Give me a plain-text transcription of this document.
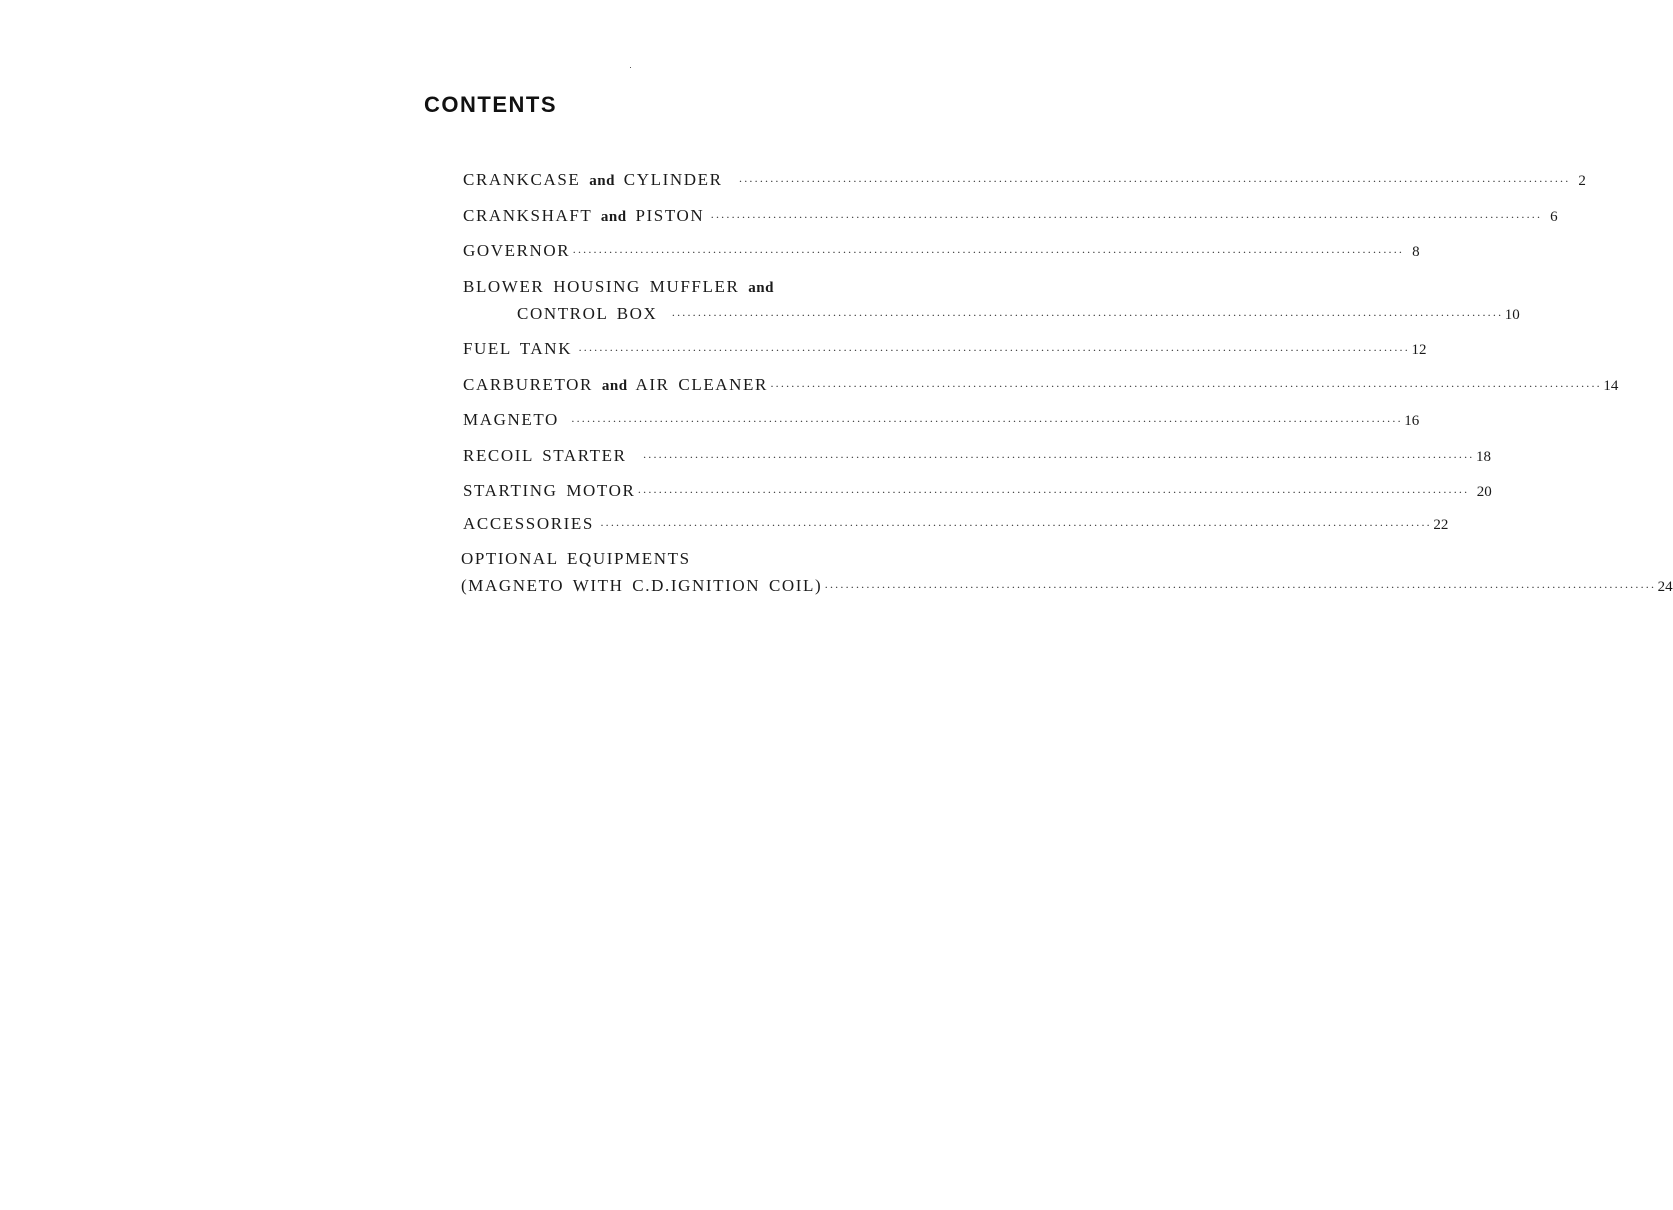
CONTENTS
CRANKCASE and CYLINDER ································································································································································ 2
CRANKSHAFT and PISTON ································································································································································ 6
GOVERNOR ································································································································································ 8
BLOWER HOUSING MUFFLER and
CONTROL BOX ································································································································································ 10
FUEL TANK ································································································································································ 12
CARBURETOR and AIR CLEANER ································································································································································ 14
MAGNETO ································································································································································ 16
RECOIL STARTER ································································································································································ 18
STARTING MOTOR ································································································································································ 20
ACCESSORIES ································································································································································ 22
OPTIONAL EQUIPMENTS
(MAGNETO WITH C.D.IGNITION COIL) ································································································································································ 24
